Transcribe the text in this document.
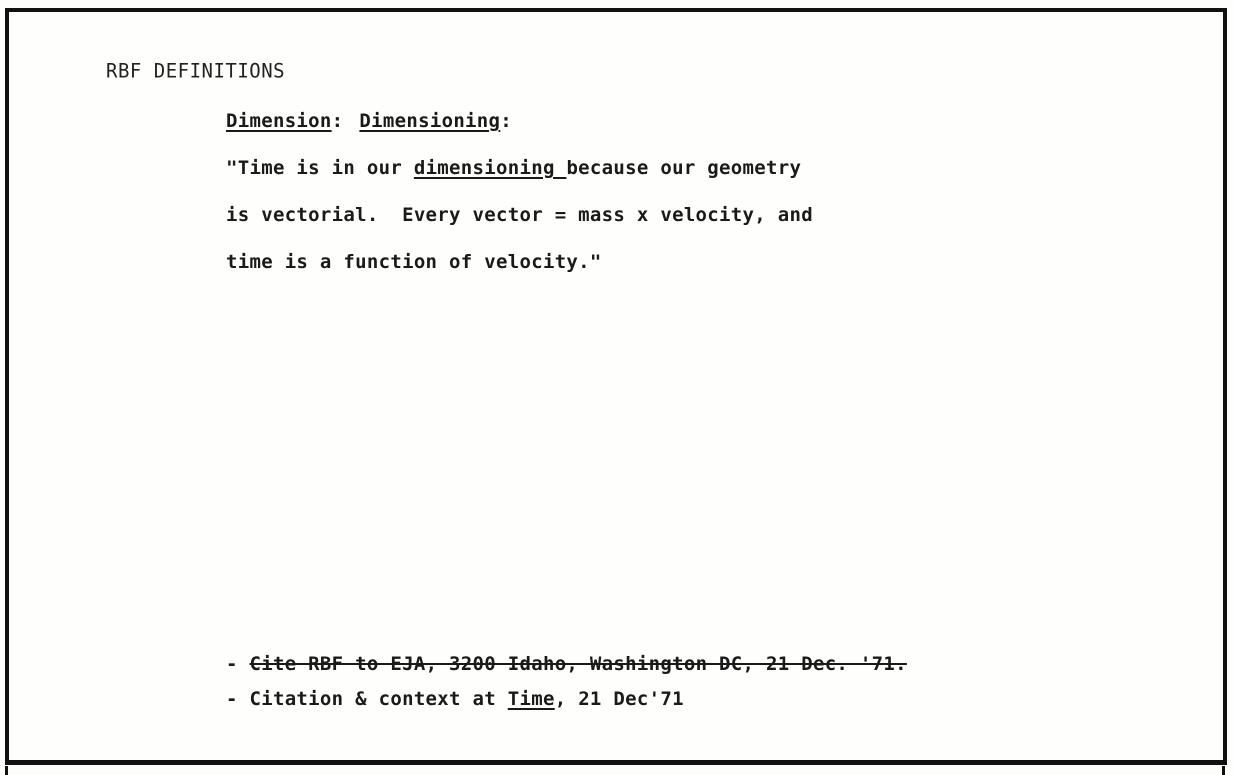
RBF DEFINITIONS
Dimension: Dimensioning:
"Time is in our dimensioning because our geometry
is vectorial.  Every vector = mass x velocity, and
time is a function of velocity."
- Cite RBF to EJA, 3200 Idaho, Washington DC, 21 Dec. '71.
- Citation & context at Time, 21 Dec'71
